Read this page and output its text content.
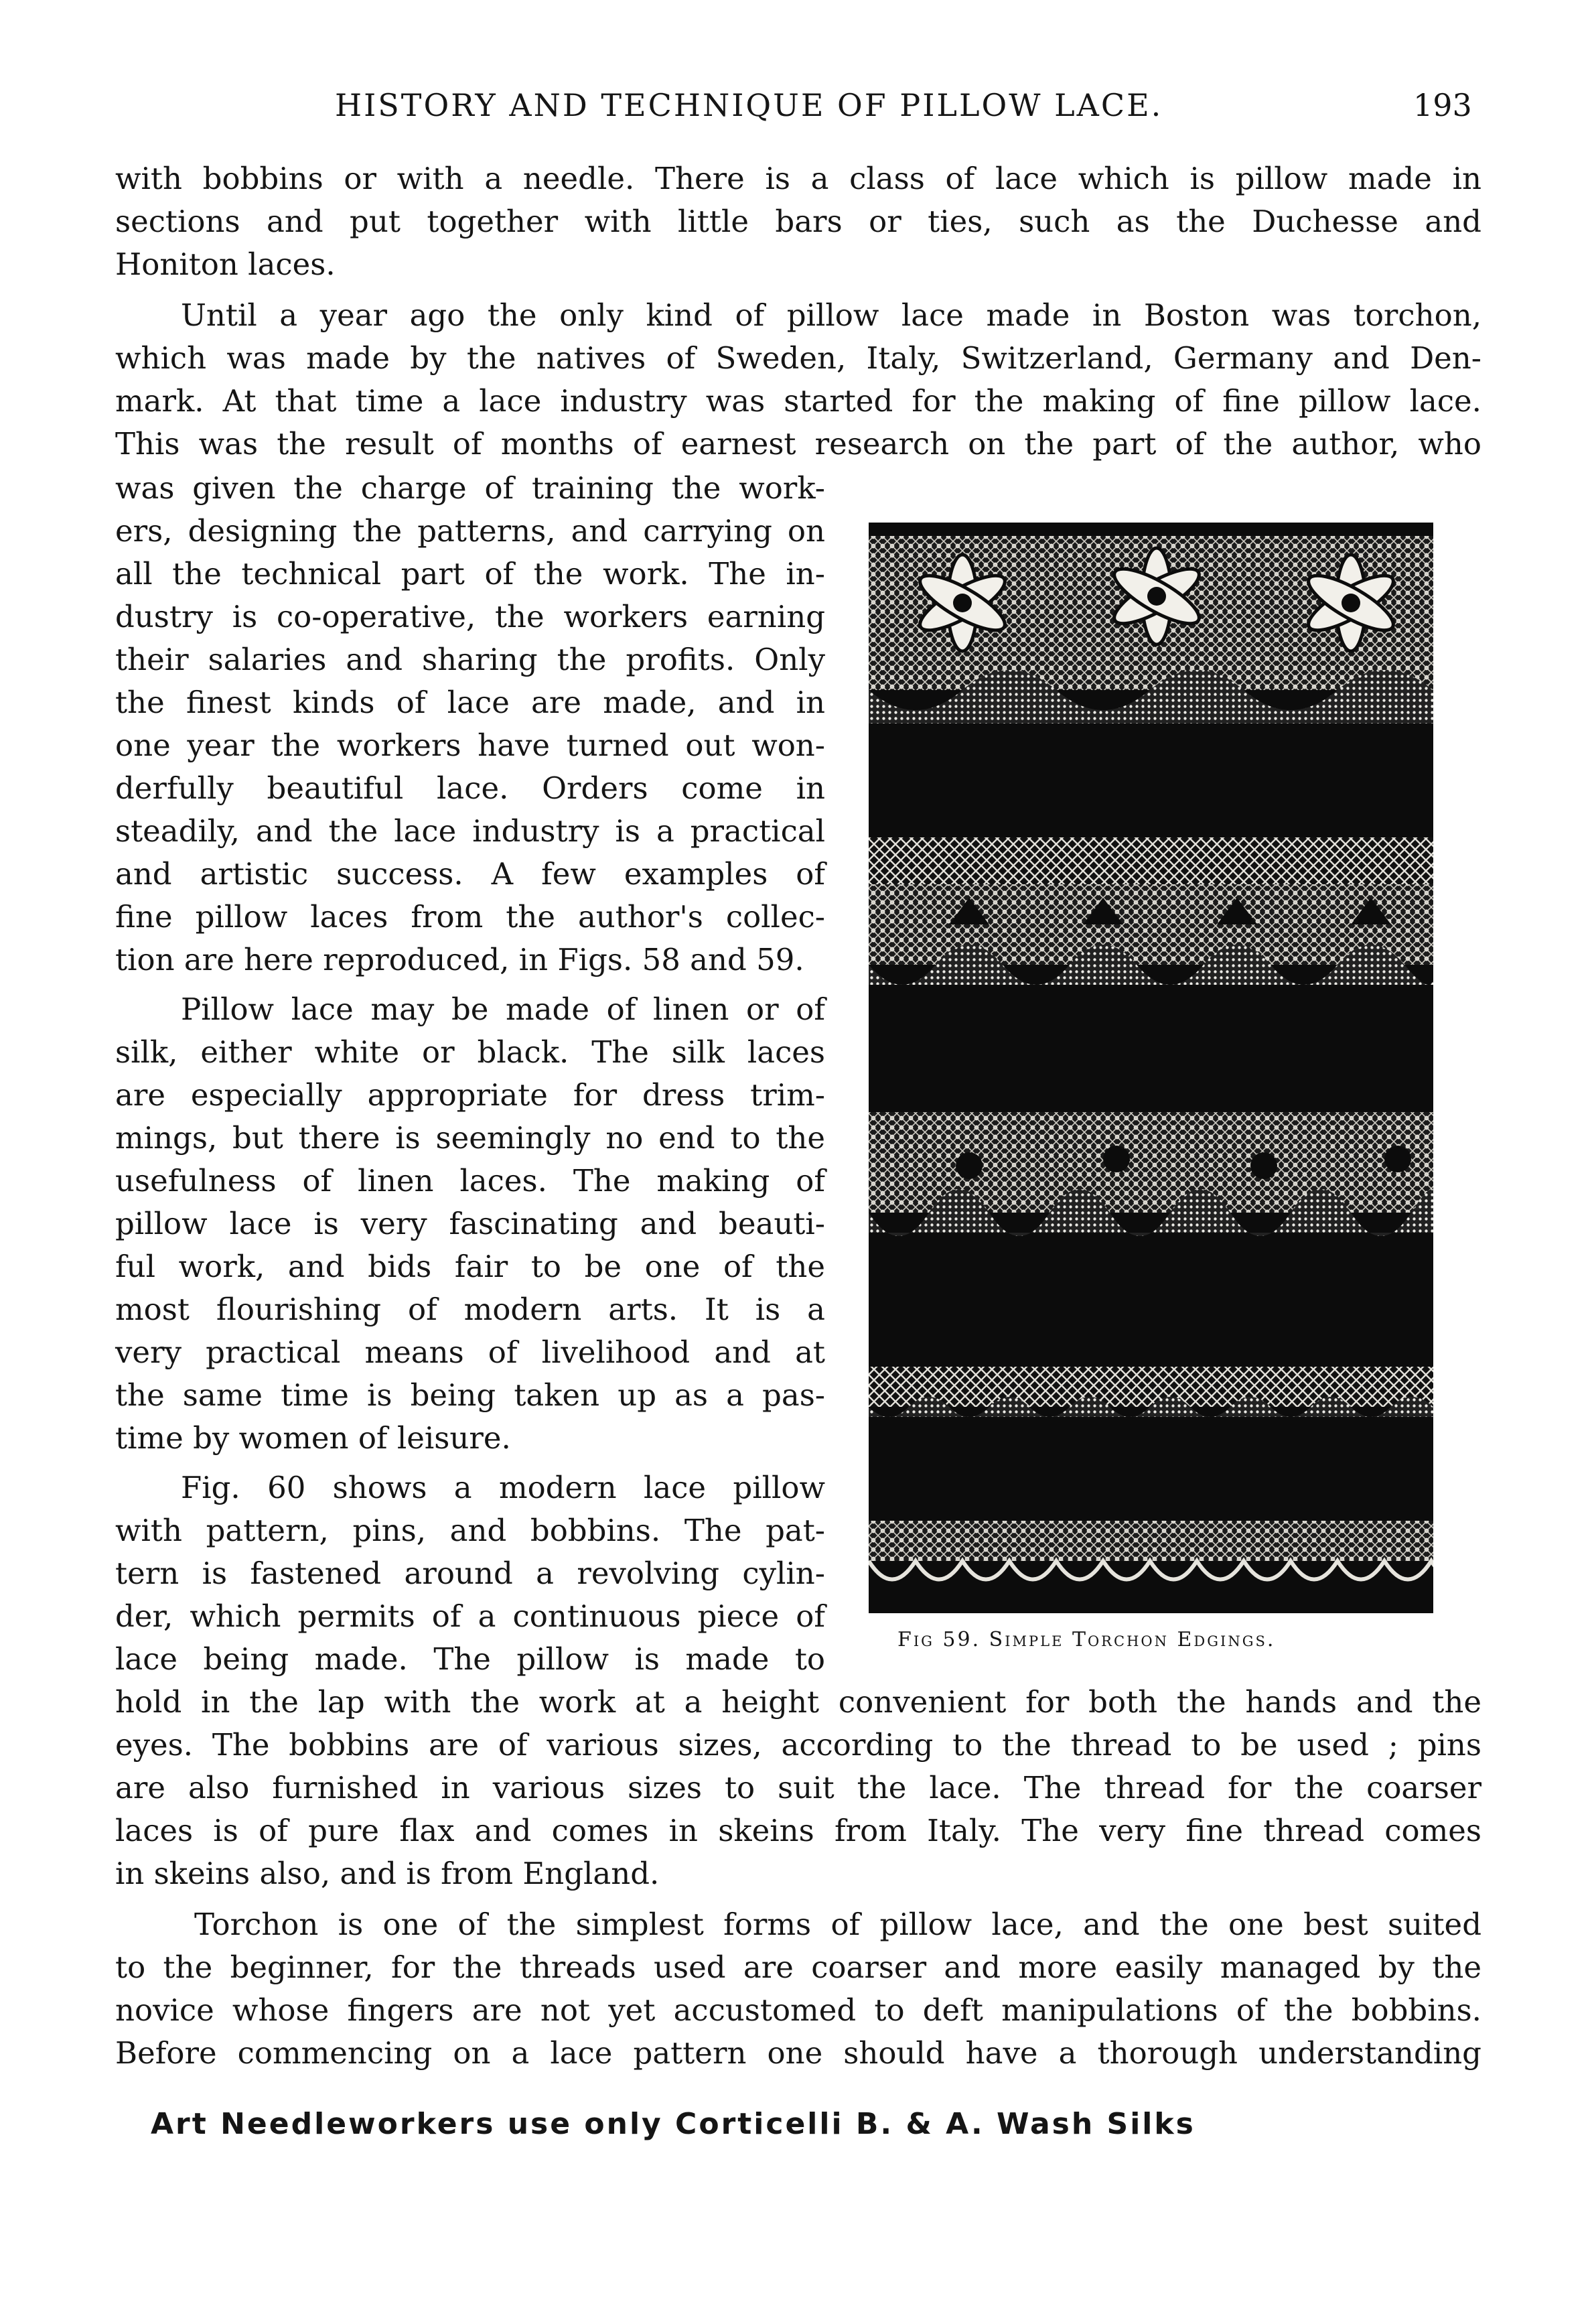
HISTORY AND TECHNIQUE OF PILLOW LACE.	193
with bobbins or with a needle. There is a class of lace which is pillow made in
sections and put together with little bars or ties, such as the Duchesse and
Honiton laces.
Until a year ago the only kind of pillow lace made in Boston was torchon,
which was made by the natives of Sweden, Italy, Switzerland, Germany and Den-
mark. At that time a lace industry was started for the making of fine pillow lace.
This was the result of months of earnest research on the part of the author, who
was given the charge of training the work-
ers, designing the patterns, and carrying on
all the technical part of the work. The in-
dustry is co-operative, the workers earning
their salaries and sharing the profits. Only
the finest kinds of lace are made, and in
one year the workers have turned out won-
derfully beautiful lace. Orders come in
steadily, and the lace industry is a practical
and artistic success. A few examples of
fine pillow laces from the author's collec-
tion are here reproduced, in Figs. 58 and 59.
Pillow lace may be made of linen or of
silk, either white or black. The silk laces
are especially appropriate for dress trim-
mings, but there is seemingly no end to the
usefulness of linen laces. The making of
pillow lace is very fascinating and beauti-
ful work, and bids fair to be one of the
most flourishing of modern arts. It is a
very practical means of livelihood and at
the same time is being taken up as a pas-
time by women of leisure.
Fig. 60 shows a modern lace pillow
with pattern, pins, and bobbins. The pat-
tern is fastened around a revolving cylin-
der, which permits of a continuous piece of
lace being made. The pillow is made to
hold in the lap with the work at a height convenient for both the hands and the
eyes. The bobbins are of various sizes, according to the thread to be used ; pins
are also furnished in various sizes to suit the lace. The thread for the coarser
laces is of pure flax and comes in skeins from Italy. The very fine thread comes
in skeins also, and is from England.
Torchon is one of the simplest forms of pillow lace, and the one best suited
to the beginner, for the threads used are coarser and more easily managed by the
novice whose fingers are not yet accustomed to deft manipulations of the bobbins.
Before commencing on a lace pattern one should have a thorough understanding
Fig 59. Simple Torchon Edgings.
Art Needleworkers use only Corticelli B. & A. Wash Silks
